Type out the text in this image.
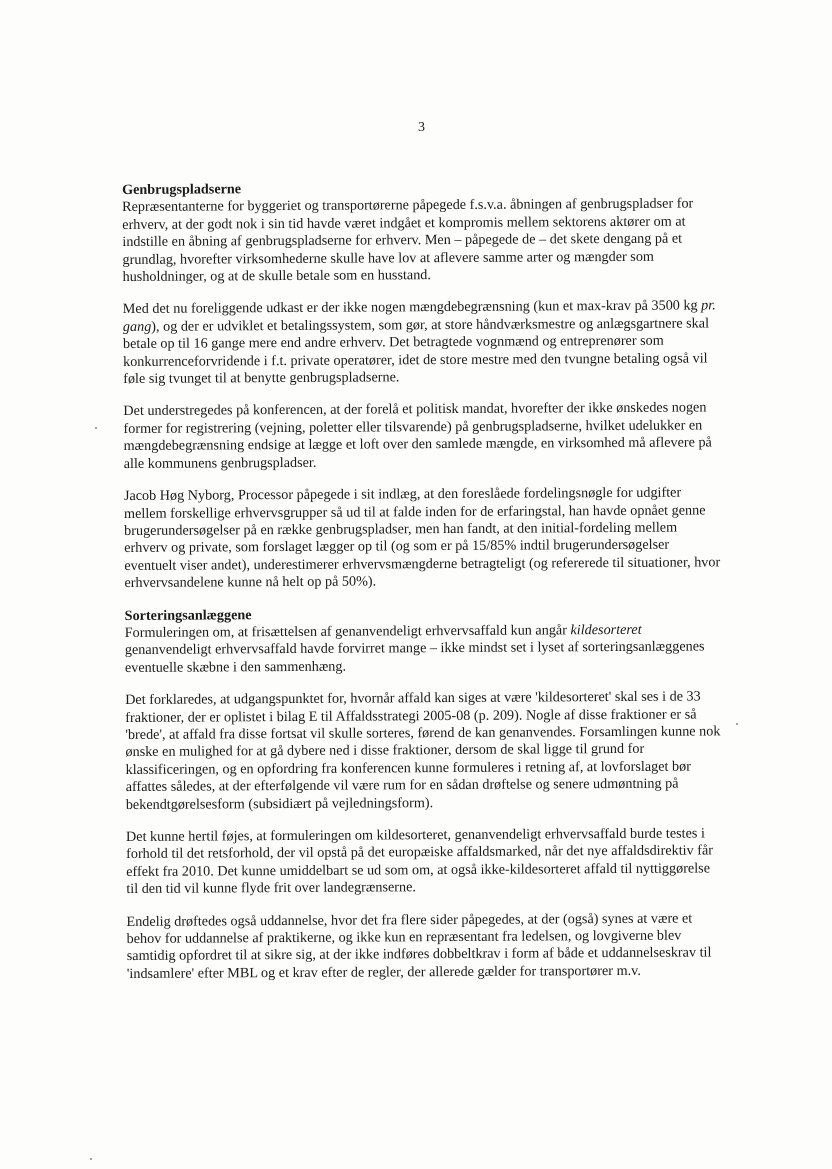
3

Genbrugspladserne

Repræsentanterne for byggeriet og transportørerne påpegede f.s.v.a. åbningen af genbrugspladser for erhverv, at der godt nok i sin tid havde været indgået et kompromis mellem sektorens aktører om at indstille en åbning af genbrugspladserne for erhverv. Men – påpegede de – det skete dengang på et grundlag, hvorefter virksomhederne skulle have lov at aflevere samme arter og mængder som husholdninger, og at de skulle betale som en husstand.

Med det nu foreliggende udkast er der ikke nogen mængdebegrænsning (kun et max-krav på 3500 kg pr. gang), og der er udviklet et betalingssystem, som gør, at store håndværksmestre og anlægsgartnere skal betale op til 16 gange mere end andre erhverv. Det betragtede vognmænd og entreprenører som konkurrenceforvridende i f.t. private operatører, idet de store mestre med den tvungne betaling også vil føle sig tvunget til at benytte genbrugspladserne.

Det understregedes på konferencen, at der forelå et politisk mandat, hvorefter der ikke ønskedes nogen former for registrering (vejning, poletter eller tilsvarende) på genbrugspladserne, hvilket udelukker en mængdebegrænsning endsige at lægge et loft over den samlede mængde, en virksomhed må aflevere på alle kommunens genbrugspladser.

Jacob Høg Nyborg, Processor påpegede i sit indlæg, at den foreslåede fordelingsnøgle for udgifter mellem forskellige erhvervsgrupper så ud til at falde inden for de erfaringstal, han havde opnået genne brugerundersøgelser på en række genbrugspladser, men han fandt, at den initial-fordeling mellem erhverv og private, som forslaget lægger op til (og som er på 15/85% indtil brugerundersøgelser eventuelt viser andet), underestimerer erhvervsmængderne betragteligt (og refererede til situationer, hvor erhvervsandelene kunne nå helt op på 50%).

Sorteringsanlæggene

Formuleringen om, at frisættelsen af genanvendeligt erhvervsaffald kun angår kildesorteret genanvendeligt erhvervsaffald havde forvirret mange – ikke mindst set i lyset af sorteringsanlæggenes eventuelle skæbne i den sammenhæng.

Det forklaredes, at udgangspunktet for, hvornår affald kan siges at være 'kildesorteret' skal ses i de 33 fraktioner, der er oplistet i bilag E til Affaldsstrategi 2005-08 (p. 209). Nogle af disse fraktioner er så 'brede', at affald fra disse fortsat vil skulle sorteres, førend de kan genanvendes. Forsamlingen kunne nok ønske en mulighed for at gå dybere ned i disse fraktioner, dersom de skal ligge til grund for klassificeringen, og en opfordring fra konferencen kunne formuleres i retning af, at lovforslaget bør affattes således, at der efterfølgende vil være rum for en sådan drøftelse og senere udmøntning på bekendtgørelsesform (subsidiært på vejledningsform).

Det kunne hertil føjes, at formuleringen om kildesorteret, genanvendeligt erhvervsaffald burde testes i forhold til det retsforhold, der vil opstå på det europæiske affaldsmarked, når det nye affaldsdirektiv får effekt fra 2010. Det kunne umiddelbart se ud som om, at også ikke-kildesorteret affald til nyttiggørelse til den tid vil kunne flyde frit over landegrænserne.

Endelig drøftedes også uddannelse, hvor det fra flere sider påpegedes, at der (også) synes at være et behov for uddannelse af praktikerne, og ikke kun en repræsentant fra ledelsen, og lovgiverne blev samtidig opfordret til at sikre sig, at der ikke indføres dobbeltkrav i form af både et uddannelseskrav til 'indsamlere' efter MBL og et krav efter de regler, der allerede gælder for transportører m.v.
